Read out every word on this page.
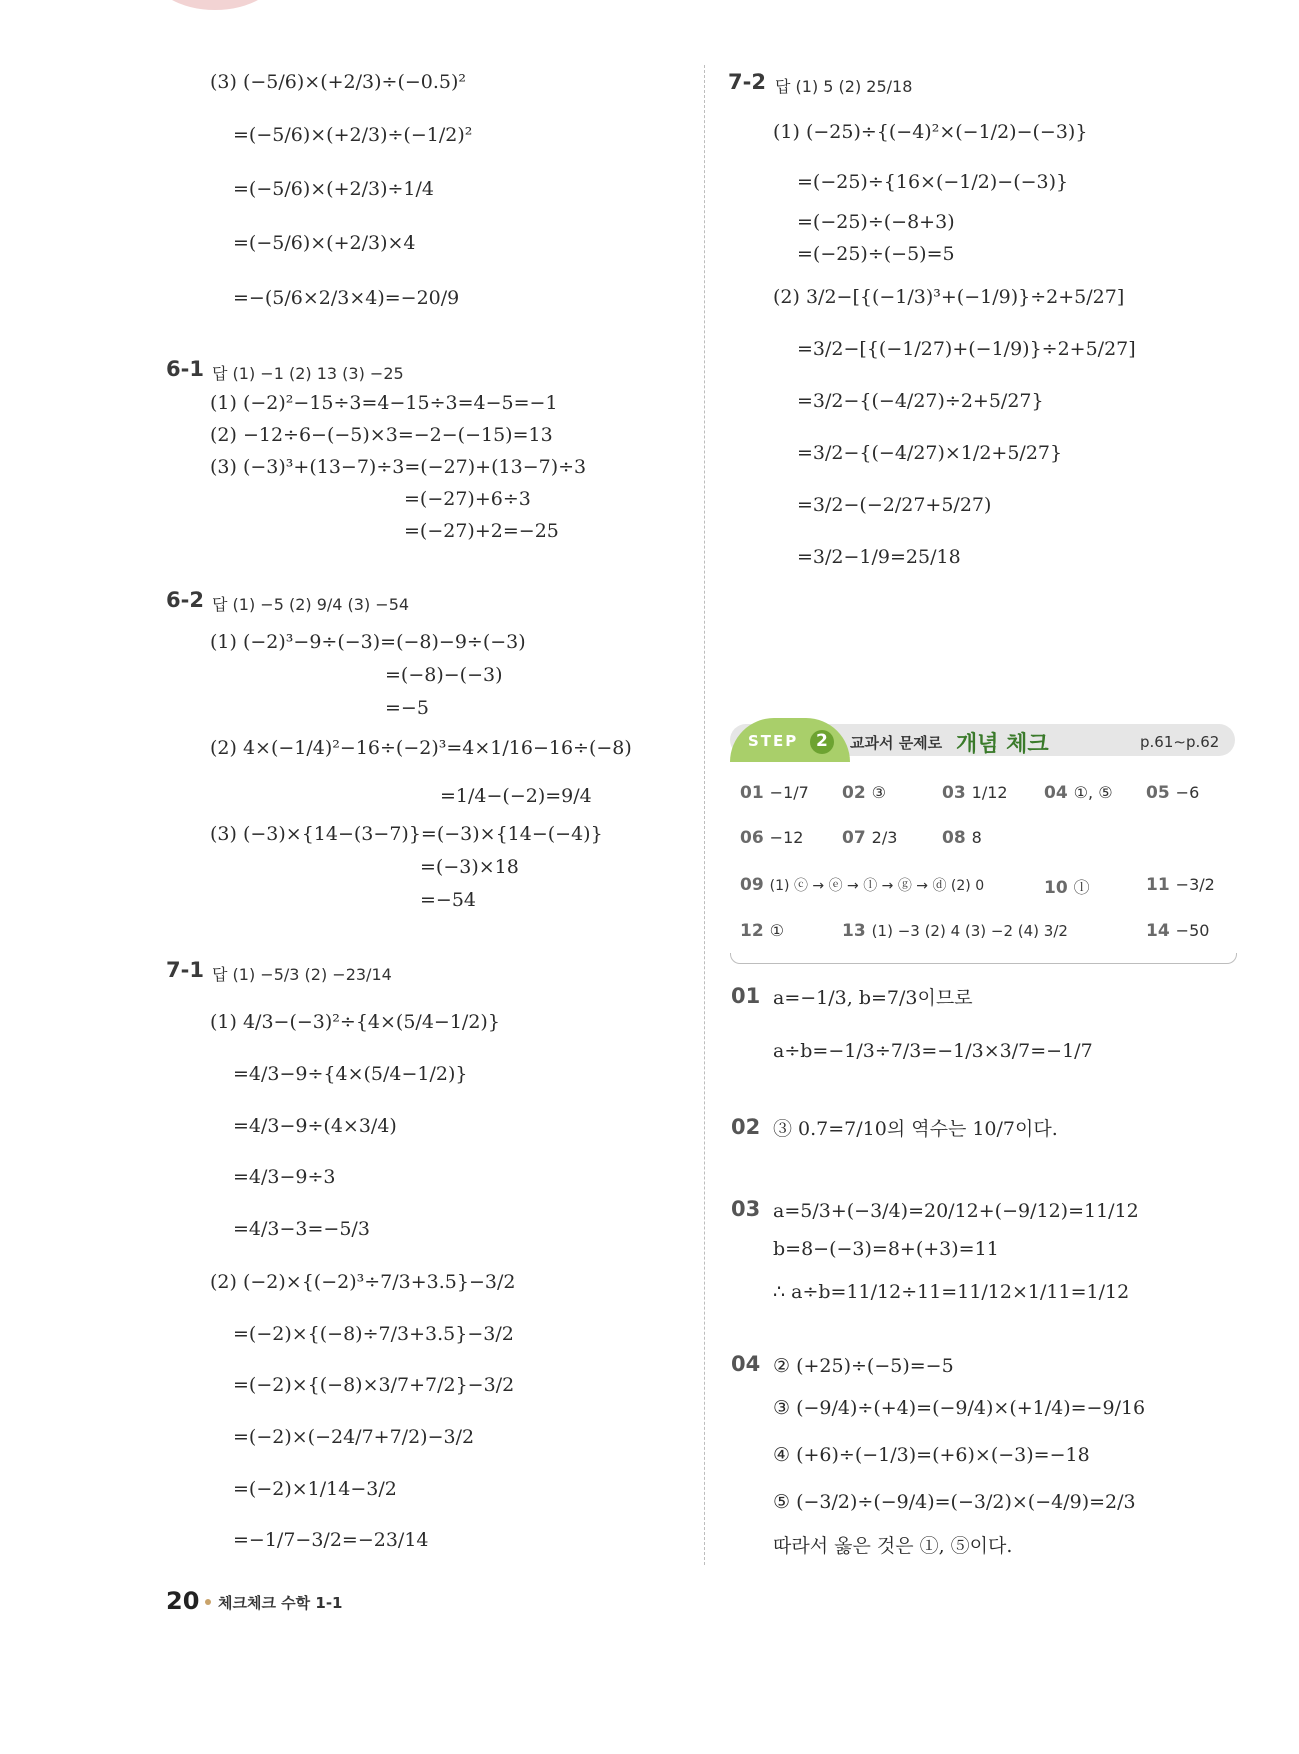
(3) (−5/6)×(+2/3)÷(−0.5)²
=(−5/6)×(+2/3)÷(−1/2)²
=(−5/6)×(+2/3)÷1/4
=(−5/6)×(+2/3)×4
=−(5/6×2/3×4)=−20/9
6-1 답 (1) −1 (2) 13 (3) −25
(1) (−2)²−15÷3=4−15÷3=4−5=−1
(2) −12÷6−(−5)×3=−2−(−15)=13
(3) (−3)³+(13−7)÷3=(−27)+(13−7)÷3
=(−27)+6÷3
=(−27)+2=−25
6-2 답 (1) −5 (2) 9/4 (3) −54
(1) (−2)³−9÷(−3)=(−8)−9÷(−3)
=(−8)−(−3)
=−5
(2) 4×(−1/4)²−16÷(−2)³=4×1/16−16÷(−8)
=1/4−(−2)=9/4
(3) (−3)×{14−(3−7)}=(−3)×{14−(−4)}
=(−3)×18
=−54
7-1 답 (1) −5/3 (2) −23/14
(1) 4/3−(−3)²÷{4×(5/4−1/2)}
=4/3−9÷{4×(5/4−1/2)}
=4/3−9÷(4×3/4)
=4/3−9÷3
=4/3−3=−5/3
(2) (−2)×{(−2)³÷7/3+3.5}−3/2
=(−2)×{(−8)÷7/3+3.5}−3/2
=(−2)×{(−8)×3/7+7/2}−3/2
=(−2)×(−24/7+7/2)−3/2
=(−2)×1/14−3/2
=−1/7−3/2=−23/14
7-2 답 (1) 5 (2) 25/18
(1) (−25)÷{(−4)²×(−1/2)−(−3)}
=(−25)÷{16×(−1/2)−(−3)}
=(−25)÷(−8+3)
=(−25)÷(−5)=5
(2) 3/2−[{(−1/3)³+(−1/9)}÷2+5/27]
=3/2−[{(−1/27)+(−1/9)}÷2+5/27]
=3/2−{(−4/27)÷2+5/27}
=3/2−{(−4/27)×1/2+5/27}
=3/2−(−2/27+5/27)
=3/2−1/9=25/18
STEP 2 교과서 문제로 개념 체크	p.61∼p.62
01 −1/7 02 ③	03 1/12 04 ①, ⑤ 05 −6
06 −12 07 2/3	08 8
09 (1) ⓒ → ⓔ → ⓛ → ⓖ → ⓓ (2) 0	10 ⓛ	11 −3/2
12 ①	13 (1) −3 (2) 4 (3) −2 (4) 3/2	14 −50
01 a=−1/3, b=7/3이므로
a÷b=−1/3÷7/3=−1/3×3/7=−1/7
02 ③ 0.7=7/10의 역수는 10/7이다.
03 a=5/3+(−3/4)=20/12+(−9/12)=11/12
b=8−(−3)=8+(+3)=11
∴ a÷b=11/12÷11=11/12×1/11=1/12
04 ② (+25)÷(−5)=−5
③ (−9/4)÷(+4)=(−9/4)×(+1/4)=−9/16
④ (+6)÷(−1/3)=(+6)×(−3)=−18
⑤ (−3/2)÷(−9/4)=(−3/2)×(−4/9)=2/3
따라서 옳은 것은 ①, ⑤이다.
20 체크체크 수학 1-1
